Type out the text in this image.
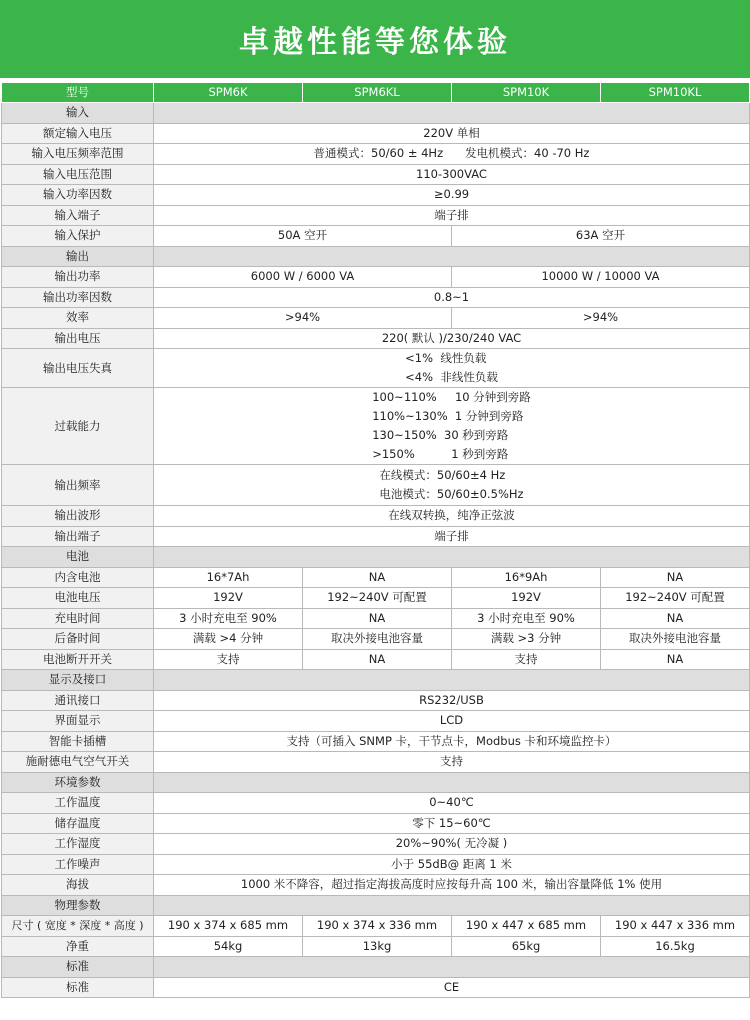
卓越性能等您体验
型号	SPM6K	SPM6KL	SPM10K	SPM10KL
输入				
额定输入电压	220V 单相			
输入电压频率范围	普通模式：50/60 ± 4Hz      发电机模式：40 -70 Hz			
输入电压范围	110-300VAC			
输入功率因数	≥0.99			
输入端子	端子排			
输入保护	50A 空开		63A 空开	
输出				
输出功率	6000 W / 6000 VA		10000 W / 10000 VA	
输出功率因数	0.8~1			
效率	>94%		>94%	
输出电压	220( 默认 )/230/240 VAC			
输出电压失真	<1%  线性负载
<4%  非线性负载			

过载能力	100~110%     10 分钟到旁路
110%~130%  1 分钟到旁路
130~150%  30 秒到旁路
>150%          1 秒到旁路			

输出频率	在线模式：50/60±4 Hz
电池模式：50/60±0.5%Hz			

输出波形	在线双转换，纯净正弦波			
输出端子	端子排			
电池				
内含电池	16*7Ah	NA	16*9Ah	NA
电池电压	192V	192~240V 可配置	192V	192~240V 可配置
充电时间	3 小时充电至 90%	NA	3 小时充电至 90%	NA
后备时间	满载 >4 分钟	取决外接电池容量	满载 >3 分钟	取决外接电池容量
电池断开开关	支持	NA	支持	NA
显示及接口				
通讯接口	RS232/USB			
界面显示	LCD			
智能卡插槽	支持（可插入 SNMP 卡，干节点卡，Modbus 卡和环境监控卡）			
施耐德电气空气开关	支持			
环境参数				
工作温度	0~40℃			
储存温度	零下 15~60℃			
工作湿度	20%~90%( 无冷凝 )			
工作噪声	小于 55dB@ 距离 1 米			
海拔	1000 米不降容，超过指定海拔高度时应按每升高 100 米，输出容量降低 1% 使用			
物理参数				
尺寸 ( 宽度 * 深度 * 高度 )	190 x 374 x 685 mm	190 x 374 x 336 mm	190 x 447 x 685 mm	190 x 447 x 336 mm
净重	54kg	13kg	65kg	16.5kg
标准				
标准	CE			
